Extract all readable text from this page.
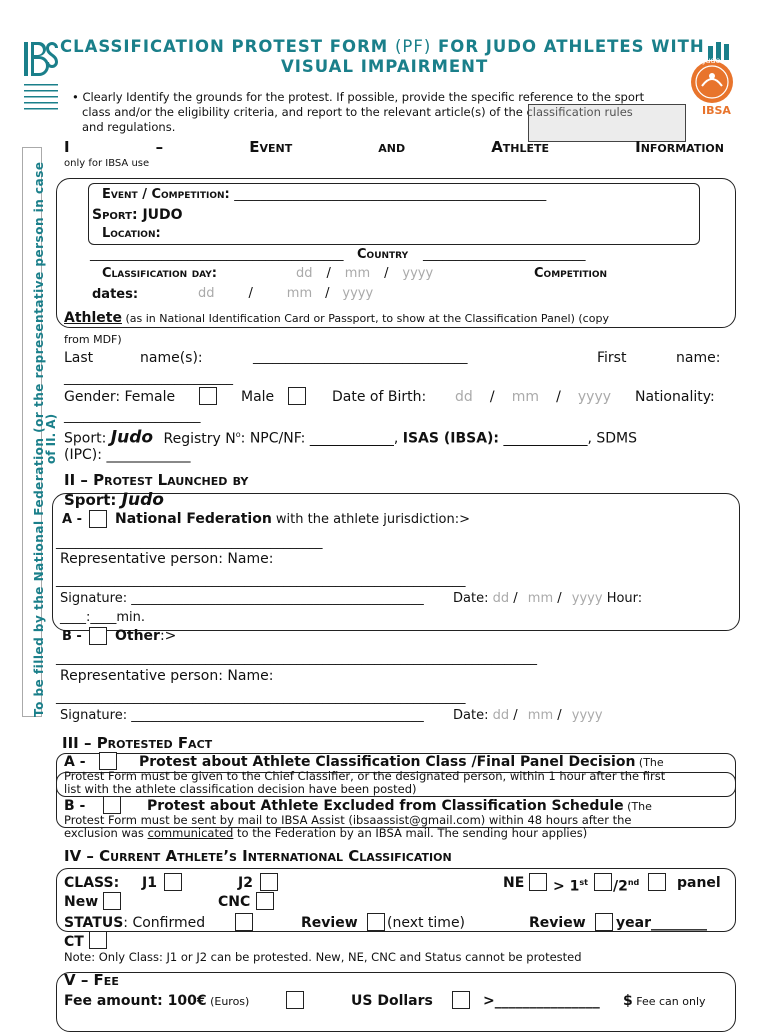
CLASSIFICATION PROTEST FORM (PF) FOR JUDO ATHLETES WITH
VISUAL IMPAIRMENT	Judo
IBSA
• Clearly Identify the grounds for the protest. If possible, provide the specific reference to the sport
class and/or the eligibility criteria, and report to the relevant article(s) of the classification rules
and regulations.
To be filled by the National Federation (or the representative person in case
of II. A)
I	–	Event	and	Athlete	Information
only for IBSA use
Event / Competition: ________________________________________________
Sport: JUDO
Location:
_______________________________________ Country _________________________
Classification day:	dd / mm / yyyy	Competition
dates:	dd	/	mm / yyyy
Athlete (as in National Identification Card or Passport, to show at the Classification Panel) (copy
from MDF)
Last	name(s):	_________________________________	First	name:
__________________________
Gender: Female	Male	Date of Birth: dd / mm / yyyy Nationality:
_____________________
Sport: Judo Registry $N^o$: NPC/NF: ____________, ISAS (IBSA): ____________, SDMS
(IPC): ____________
II – Protest Launched by
Sport: Judo
A - National Federation with the athlete jurisdiction:>
_________________________________________
Representative person: Name:
_______________________________________________________________
Signature: _____________________________________________ Date: dd / mm / yyyy Hour:
____:____min.
B - Other:>
__________________________________________________________________________
Representative person: Name:
_______________________________________________________________
Signature: _____________________________________________ Date: dd / mm / yyyy
III – Protested Fact
A -	Protest about Athlete Classification Class /Final Panel Decision (The
Protest Form must be given to the Chief Classifier, or the designated person, within 1 hour after the first
list with the athlete classification decision have been posted)
B -	Protest about Athlete Excluded from Classification Schedule (The
Protest Form must be sent by mail to IBSA Assist (ibsaassist@gmail.com) within 48 hours after the
exclusion was communicated to the Federation by an IBSA mail. The sending hour applies)
IV – Current Athlete’s International Classification
CLASS: J1	J2	NE > 1st /2nd	panel
New	CNC
STATUS: Confirmed	Review (next time)	Review year________
CT
Note: Only Class: J1 or J2 can be protested. New, NE, CNC and Status cannot be protested
V – Fee
Fee amount: 100€ (Euros)	US Dollars	>_______________ $ Fee can only
